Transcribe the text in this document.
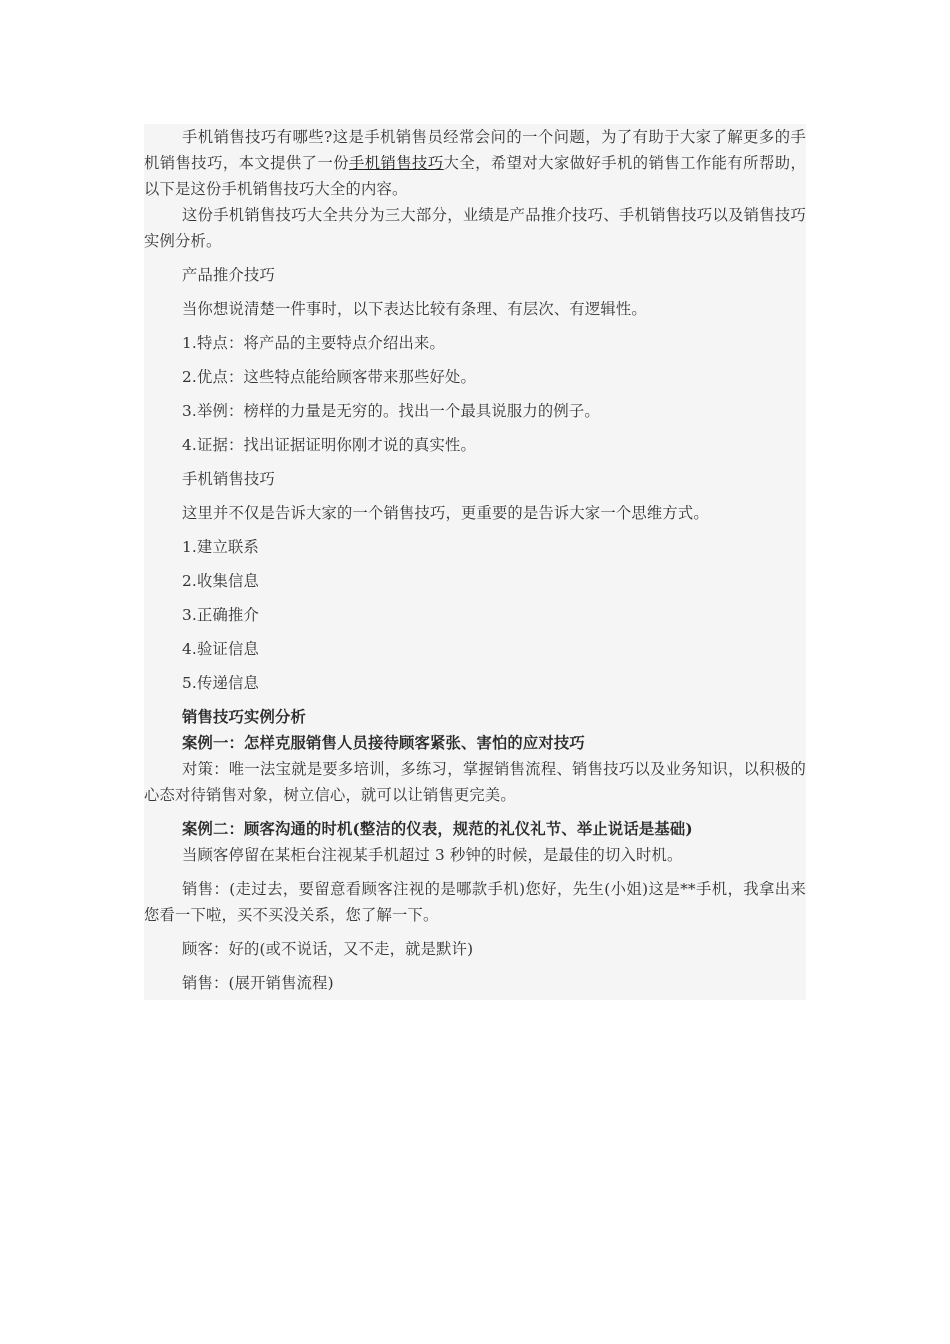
手机销售技巧有哪些?这是手机销售员经常会问的一个问题，为了有助于大家了解更多的手机销售技巧，本文提供了一份手机销售技巧大全，希望对大家做好手机的销售工作能有所帮助，以下是这份手机销售技巧大全的内容。

这份手机销售技巧大全共分为三大部分，业绩是产品推介技巧、手机销售技巧以及销售技巧实例分析。

产品推介技巧

当你想说清楚一件事时，以下表达比较有条理、有层次、有逻辑性。

1.特点：将产品的主要特点介绍出来。

2.优点：这些特点能给顾客带来那些好处。

3.举例：榜样的力量是无穷的。找出一个最具说服力的例子。

4.证据：找出证据证明你刚才说的真实性。

手机销售技巧

这里并不仅是告诉大家的一个销售技巧，更重要的是告诉大家一个思维方式。

1.建立联系

2.收集信息

3.正确推介

4.验证信息

5.传递信息

销售技巧实例分析

案例一：怎样克服销售人员接待顾客紧张、害怕的应对技巧

对策：唯一法宝就是要多培训，多练习，掌握销售流程、销售技巧以及业务知识，以积极的心态对待销售对象，树立信心，就可以让销售更完美。

案例二：顾客沟通的时机(整洁的仪表，规范的礼仪礼节、举止说话是基础)

当顾客停留在某柜台注视某手机超过 3 秒钟的时候，是最佳的切入时机。

销售：(走过去，要留意看顾客注视的是哪款手机)您好，先生(小姐)这是**手机，我拿出来您看一下啦，买不买没关系，您了解一下。

顾客：好的(或不说话，又不走，就是默许)

销售：(展开销售流程)
